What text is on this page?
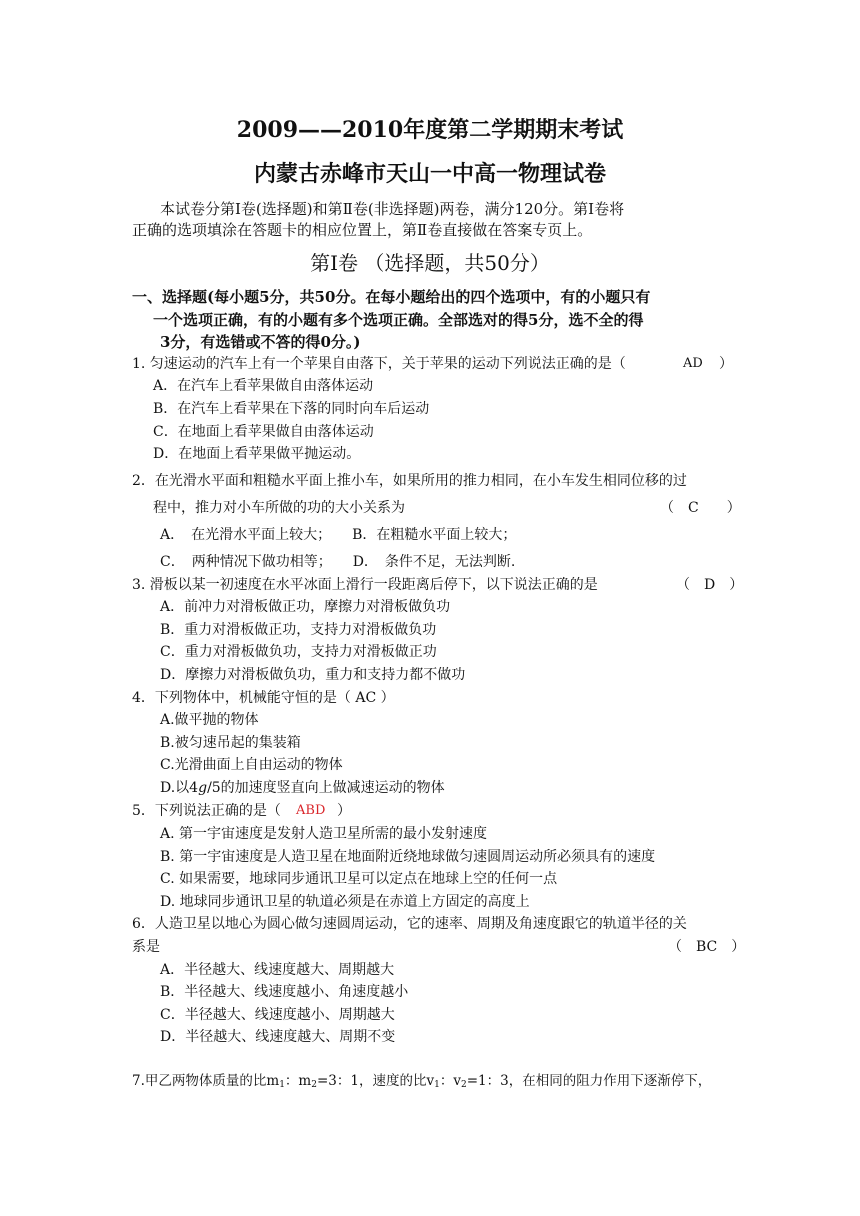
2009——2010年度第二学期期末考试
内蒙古赤峰市天山一中高一物理试卷
本试卷分第Ⅰ卷(选择题)和第Ⅱ卷(非选择题)两卷，满分120分。第Ⅰ卷将
正确的选项填涂在答题卡的相应位置上，第Ⅱ卷直接做在答案专页上。
第Ⅰ卷 （选择题，共50分）
一、选择题(每小题5分，共50分。在每小题给出的四个选项中，有的小题只有
一个选项正确，有的小题有多个选项正确。全部选对的得5分，选不全的得
3分，有选错或不答的得0分。)
1. 匀速运动的汽车上有一个苹果自由落下，关于苹果的运动下列说法正确的是（	AD ）
A．在汽车上看苹果做自由落体运动
B．在汽车上看苹果在下落的同时向车后运动
C．在地面上看苹果做自由落体运动
D．在地面上看苹果做平抛运动。
2．在光滑水平面和粗糙水平面上推小车，如果所用的推力相同，在小车发生相同位移的过
程中，推力对小车所做的功的大小关系为	（　C　　）
A．　在光滑水平面上较大；　　B．在粗糙水平面上较大；
C．　两种情况下做功相等；　　D．　条件不足，无法判断.
3. 滑板以某一初速度在水平冰面上滑行一段距离后停下，以下说法正确的是	（　D　）
A．前冲力对滑板做正功，摩擦力对滑板做负功
B．重力对滑板做正功，支持力对滑板做负功
C．重力对滑板做负功，支持力对滑板做正功
D．摩擦力对滑板做负功，重力和支持力都不做功
4．下列物体中，机械能守恒的是（ AC ）
A.做平抛的物体
B.被匀速吊起的集装箱
C.光滑曲面上自由运动的物体
D.以4g/5的加速度竖直向上做减速运动的物体
5．下列说法正确的是（ ABD ）
A. 第一宇宙速度是发射人造卫星所需的最小发射速度
B. 第一宇宙速度是人造卫星在地面附近绕地球做匀速圆周运动所必须具有的速度
C. 如果需要，地球同步通讯卫星可以定点在地球上空的任何一点
D. 地球同步通讯卫星的轨道必须是在赤道上方固定的高度上
6．人造卫星以地心为圆心做匀速圆周运动，它的速率、周期及角速度跟它的轨道半径的关
系是	（　BC　）
A．半径越大、线速度越大、周期越大
B．半径越大、线速度越小、角速度越小
C．半径越大、线速度越小、周期越大
D．半径越大、线速度越大、周期不变
7.甲乙两物体质量的比$m_1$：$m_2=3$：1，速度的比$v_1$：$v_2=1$：3，在相同的阻力作用下逐渐停下，
